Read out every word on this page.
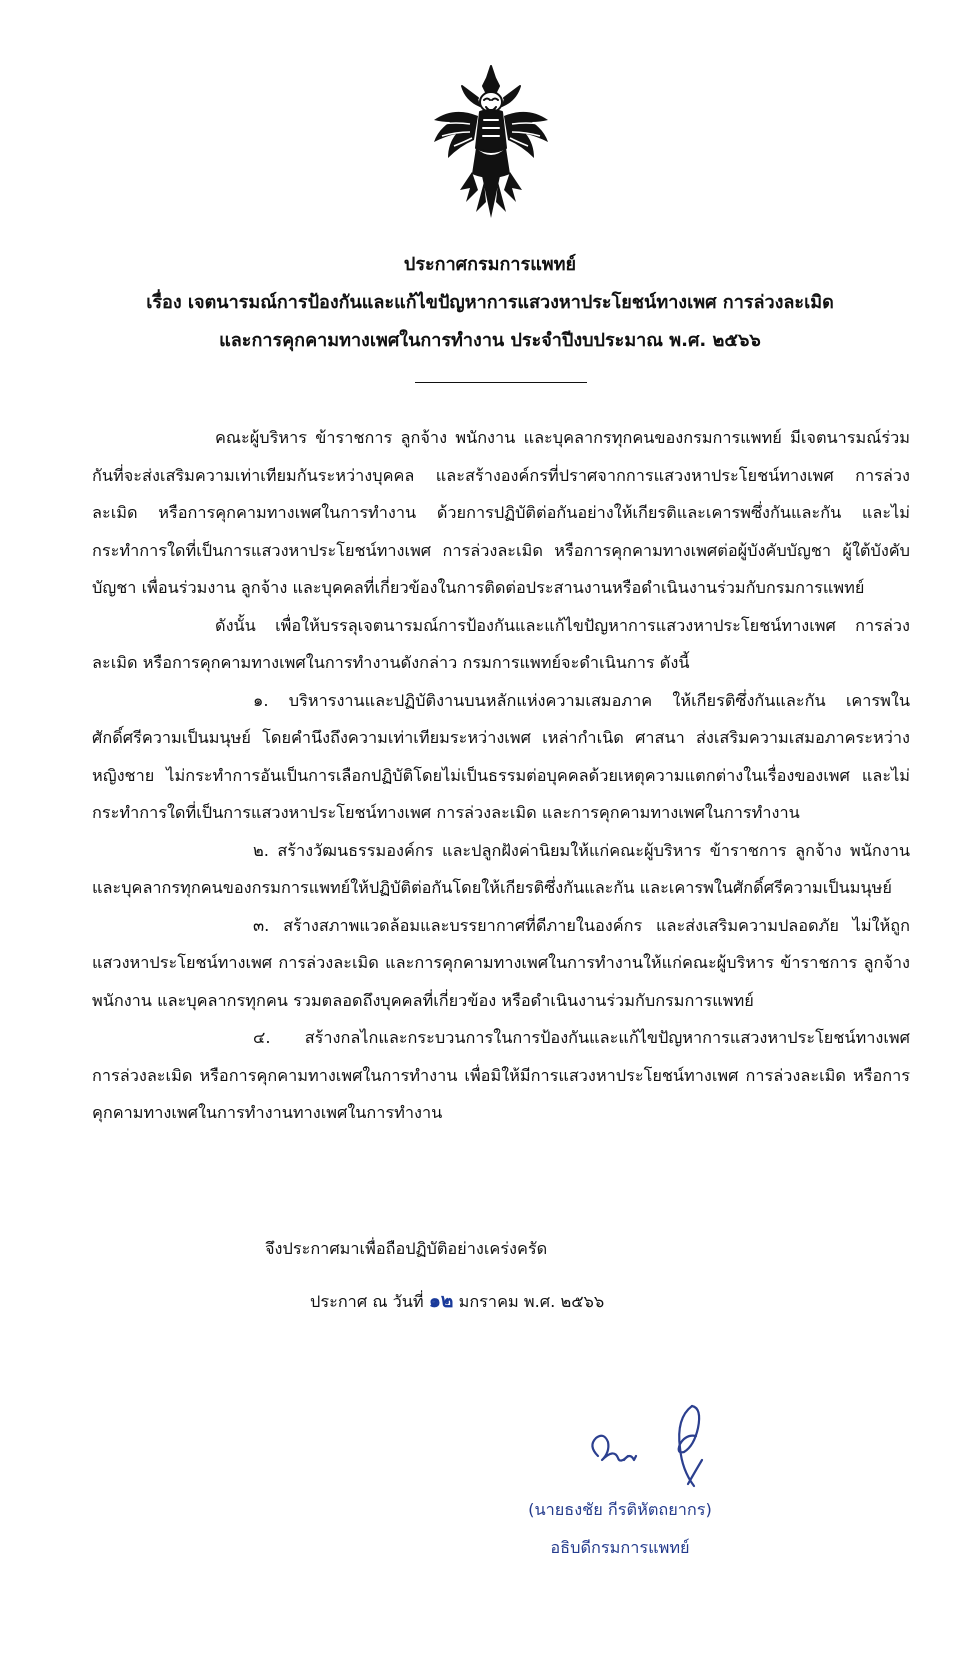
ประกาศกรมการแพทย์
เรื่อง เจตนารมณ์การป้องกันและแก้ไขปัญหาการแสวงหาประโยชน์ทางเพศ การล่วงละเมิด
และการคุกคามทางเพศในการทำงาน ประจำปีงบประมาณ พ.ศ. ๒๕๖๖

คณะผู้บริหาร ข้าราชการ ลูกจ้าง พนักงาน และบุคลากรทุกคนของกรมการแพทย์ มีเจตนารมณ์ร่วมกันที่จะส่งเสริมความเท่าเทียมกันระหว่างบุคคล และสร้างองค์กรที่ปราศจากการแสวงหาประโยชน์ทางเพศ การล่วงละเมิด หรือการคุกคามทางเพศในการทำงาน ด้วยการปฏิบัติต่อกันอย่างให้เกียรติและเคารพซึ่งกันและกัน และไม่กระทำการใดที่เป็นการแสวงหาประโยชน์ทางเพศ การล่วงละเมิด หรือการคุกคามทางเพศต่อผู้บังคับบัญชา ผู้ใต้บังคับบัญชา เพื่อนร่วมงาน ลูกจ้าง และบุคคลที่เกี่ยวข้องในการติดต่อประสานงานหรือดำเนินงานร่วมกับกรมการแพทย์

ดังนั้น เพื่อให้บรรลุเจตนารมณ์การป้องกันและแก้ไขปัญหาการแสวงหาประโยชน์ทางเพศ การล่วงละเมิด หรือการคุกคามทางเพศในการทำงานดังกล่าว กรมการแพทย์จะดำเนินการ ดังนี้

๑. บริหารงานและปฏิบัติงานบนหลักแห่งความเสมอภาค ให้เกียรติซึ่งกันและกัน เคารพในศักดิ์ศรีความเป็นมนุษย์ โดยคำนึงถึงความเท่าเทียมระหว่างเพศ เหล่ากำเนิด ศาสนา ส่งเสริมความเสมอภาคระหว่างหญิงชาย ไม่กระทำการอันเป็นการเลือกปฏิบัติโดยไม่เป็นธรรมต่อบุคคลด้วยเหตุความแตกต่างในเรื่องของเพศ และไม่กระทำการใดที่เป็นการแสวงหาประโยชน์ทางเพศ การล่วงละเมิด และการคุกคามทางเพศในการทำงาน

๒. สร้างวัฒนธรรมองค์กร และปลูกฝังค่านิยมให้แก่คณะผู้บริหาร ข้าราชการ ลูกจ้าง พนักงาน และบุคลากรทุกคนของกรมการแพทย์ให้ปฏิบัติต่อกันโดยให้เกียรติซึ่งกันและกัน และเคารพในศักดิ์ศรีความเป็นมนุษย์

๓. สร้างสภาพแวดล้อมและบรรยากาศที่ดีภายในองค์กร และส่งเสริมความปลอดภัย ไม่ให้ถูกแสวงหาประโยชน์ทางเพศ การล่วงละเมิด และการคุกคามทางเพศในการทำงานให้แก่คณะผู้บริหาร ข้าราชการ ลูกจ้าง พนักงาน และบุคลากรทุกคน รวมตลอดถึงบุคคลที่เกี่ยวข้อง หรือดำเนินงานร่วมกับกรมการแพทย์

๔. สร้างกลไกและกระบวนการในการป้องกันและแก้ไขปัญหาการแสวงหาประโยชน์ทางเพศ การล่วงละเมิด หรือการคุกคามทางเพศในการทำงาน เพื่อมิให้มีการแสวงหาประโยชน์ทางเพศ การล่วงละเมิด หรือการคุกคามทางเพศในการทำงานทางเพศในการทำงาน

จึงประกาศมาเพื่อถือปฏิบัติอย่างเคร่งครัด
ประกาศ ณ วันที่ ๑๒ มกราคม พ.ศ. ๒๕๖๖
(นายธงชัย กีรติหัตถยากร)
อธิบดีกรมการแพทย์
